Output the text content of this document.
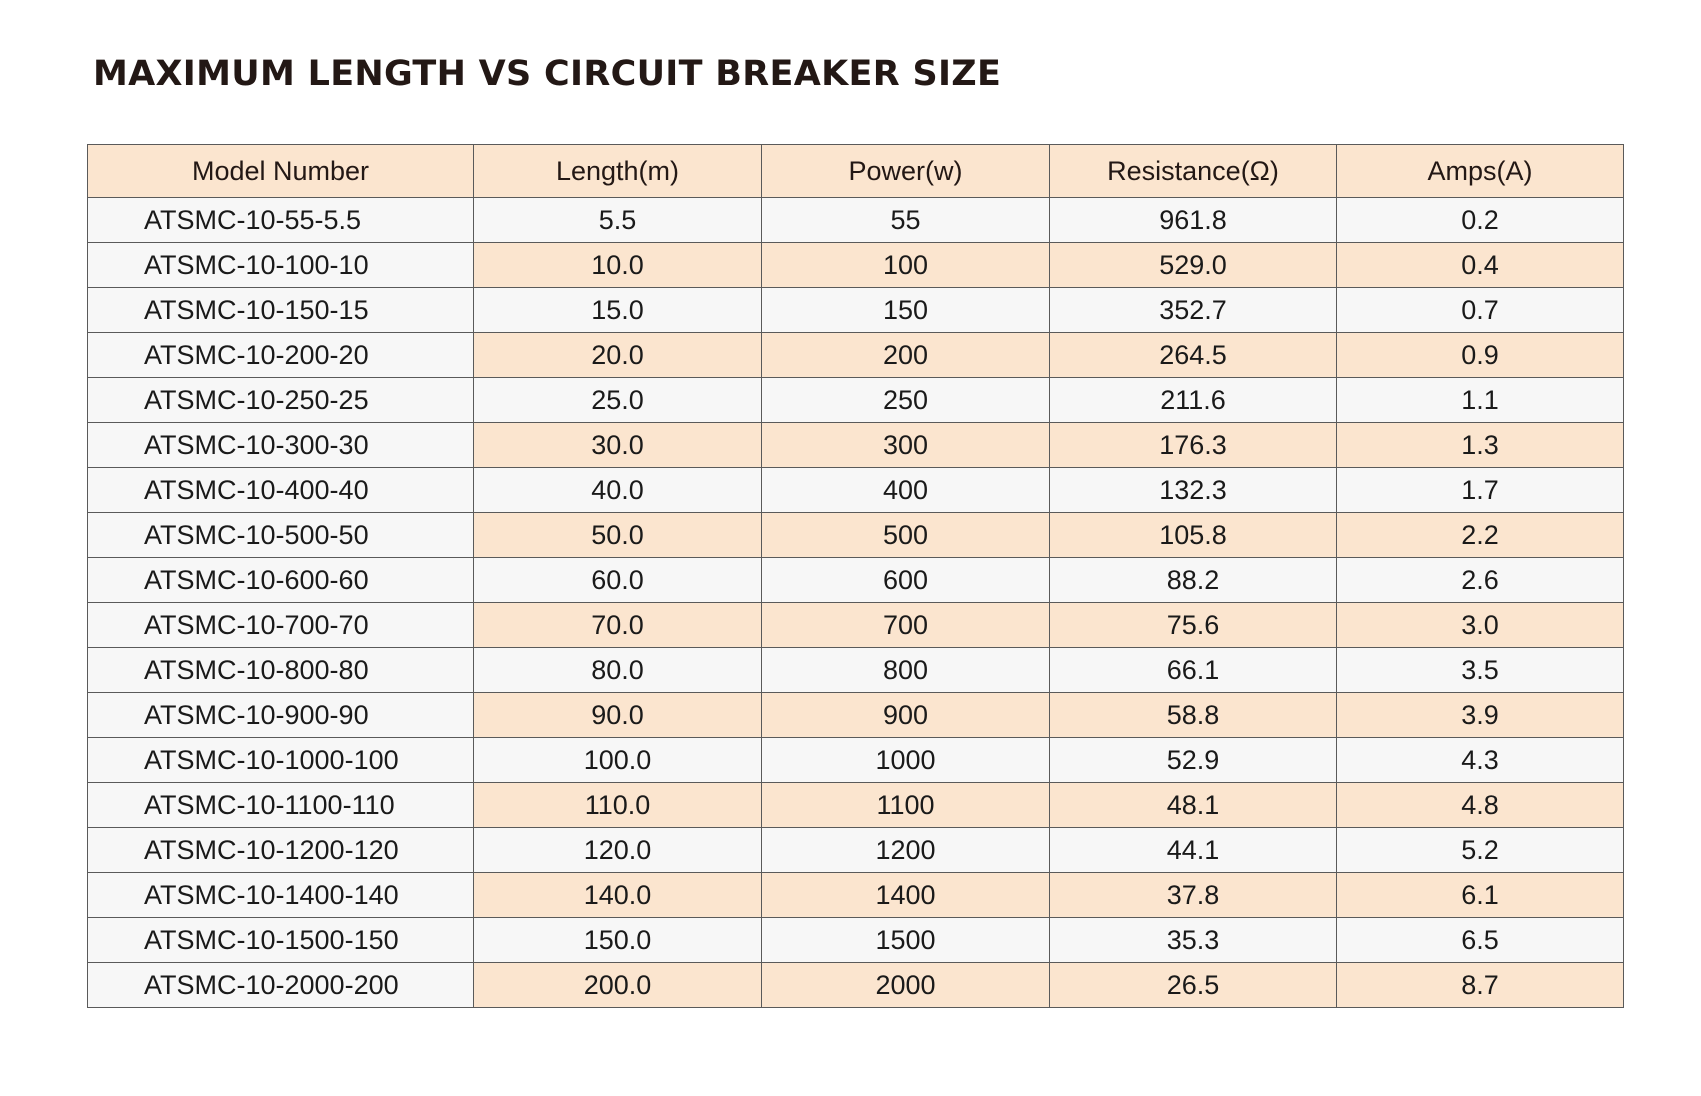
MAXIMUM LENGTH VS CIRCUIT BREAKER SIZE
Model Number	Length(m)	Power(w)	Resistance(Ω)	Amps(A)
ATSMC-10-55-5.5	5.5	55	961.8	0.2
ATSMC-10-100-10	10.0	100	529.0	0.4
ATSMC-10-150-15	15.0	150	352.7	0.7
ATSMC-10-200-20	20.0	200	264.5	0.9
ATSMC-10-250-25	25.0	250	211.6	1.1
ATSMC-10-300-30	30.0	300	176.3	1.3
ATSMC-10-400-40	40.0	400	132.3	1.7
ATSMC-10-500-50	50.0	500	105.8	2.2
ATSMC-10-600-60	60.0	600	88.2	2.6
ATSMC-10-700-70	70.0	700	75.6	3.0
ATSMC-10-800-80	80.0	800	66.1	3.5
ATSMC-10-900-90	90.0	900	58.8	3.9
ATSMC-10-1000-100	100.0	1000	52.9	4.3
ATSMC-10-1100-110	110.0	1100	48.1	4.8
ATSMC-10-1200-120	120.0	1200	44.1	5.2
ATSMC-10-1400-140	140.0	1400	37.8	6.1
ATSMC-10-1500-150	150.0	1500	35.3	6.5
ATSMC-10-2000-200	200.0	2000	26.5	8.7
